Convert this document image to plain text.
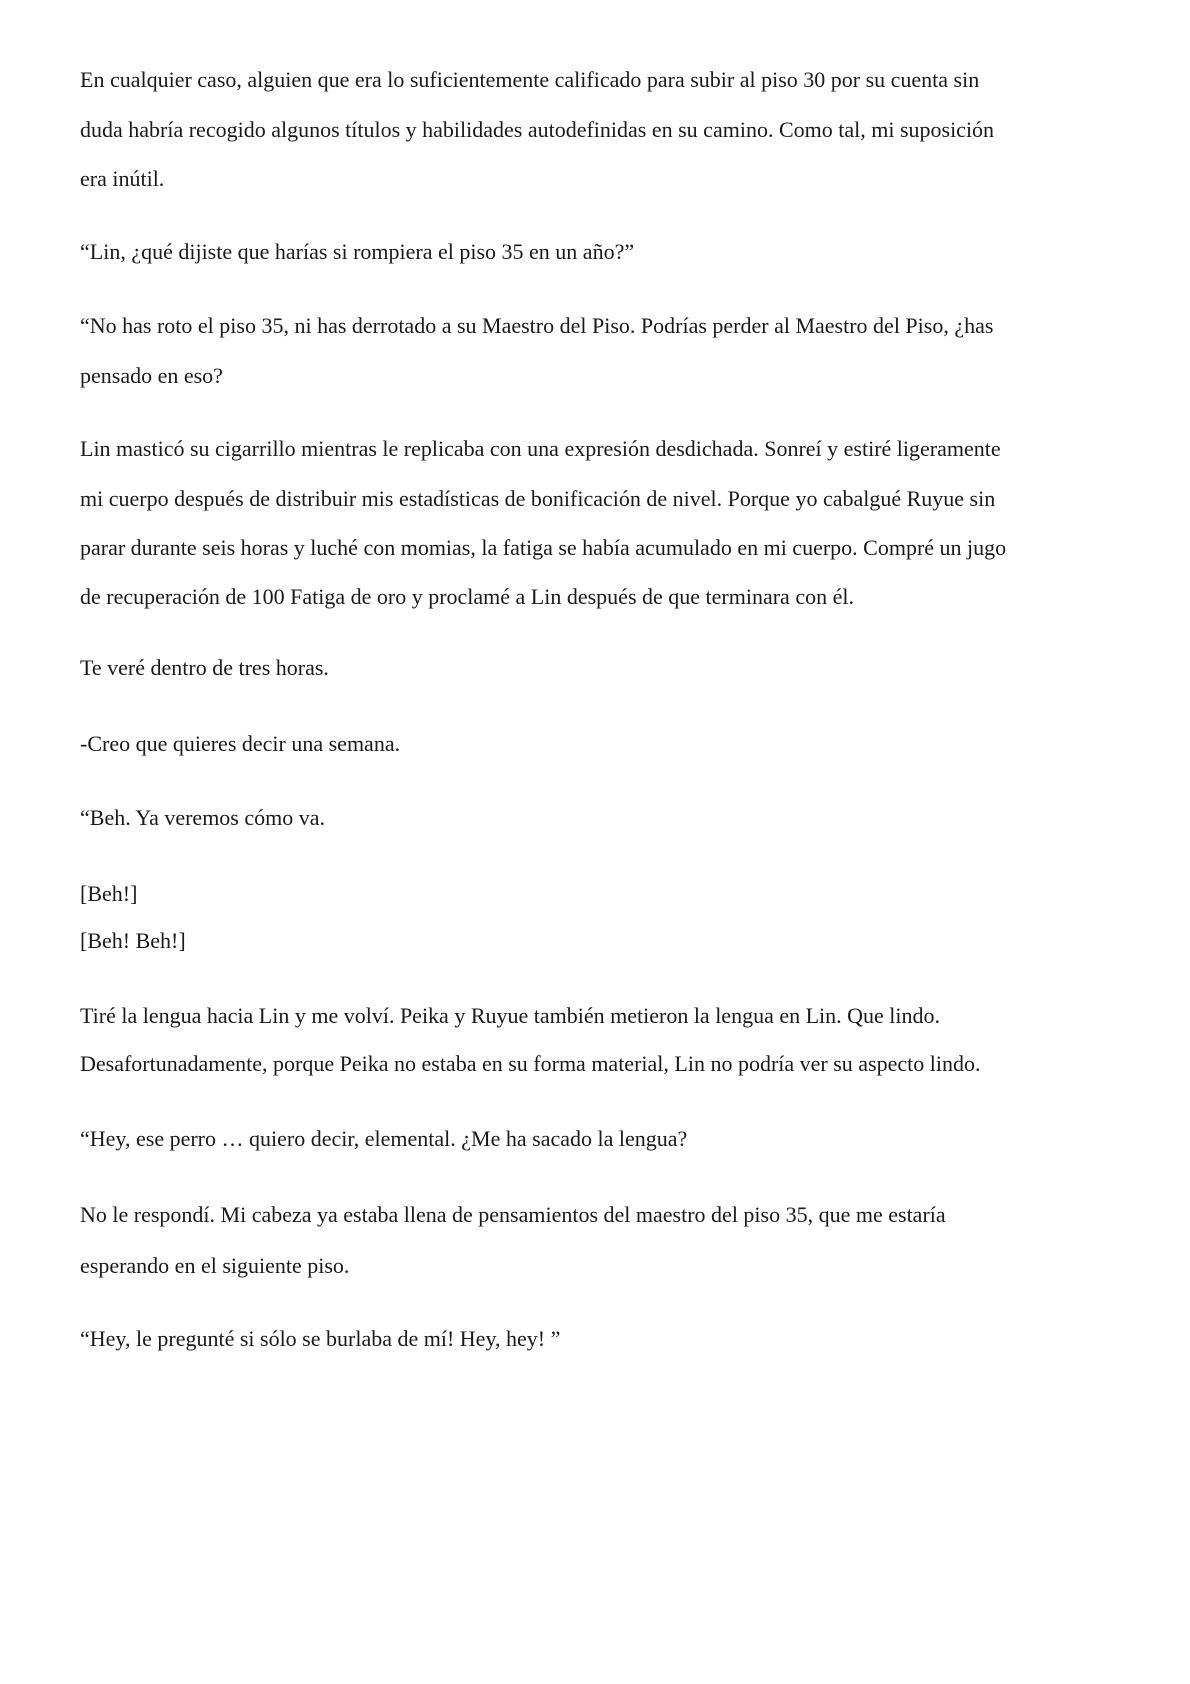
En cualquier caso, alguien que era lo suficientemente calificado para subir al piso 30 por su cuenta sin

duda habría recogido algunos títulos y habilidades autodefinidas en su camino. Como tal, mi suposición

era inútil.

“Lin, ¿qué dijiste que harías si rompiera el piso 35 en un año?”

“No has roto el piso 35, ni has derrotado a su Maestro del Piso. Podrías perder al Maestro del Piso, ¿has

pensado en eso?

Lin masticó su cigarrillo mientras le replicaba con una expresión desdichada. Sonreí y estiré ligeramente

mi cuerpo después de distribuir mis estadísticas de bonificación de nivel. Porque yo cabalgué Ruyue sin

parar durante seis horas y luché con momias, la fatiga se había acumulado en mi cuerpo. Compré un jugo

de recuperación de 100 Fatiga de oro y proclamé a Lin después de que terminara con él.

Te veré dentro de tres horas.

-Creo que quieres decir una semana.

“Beh. Ya veremos cómo va.

[Beh!]

[Beh! Beh!]

Tiré la lengua hacia Lin y me volví. Peika y Ruyue también metieron la lengua en Lin. Que lindo.

Desafortunadamente, porque Peika no estaba en su forma material, Lin no podría ver su aspecto lindo.

“Hey, ese perro … quiero decir, elemental. ¿Me ha sacado la lengua?

No le respondí. Mi cabeza ya estaba llena de pensamientos del maestro del piso 35, que me estaría

esperando en el siguiente piso.

“Hey, le pregunté si sólo se burlaba de mí! Hey, hey! ”
